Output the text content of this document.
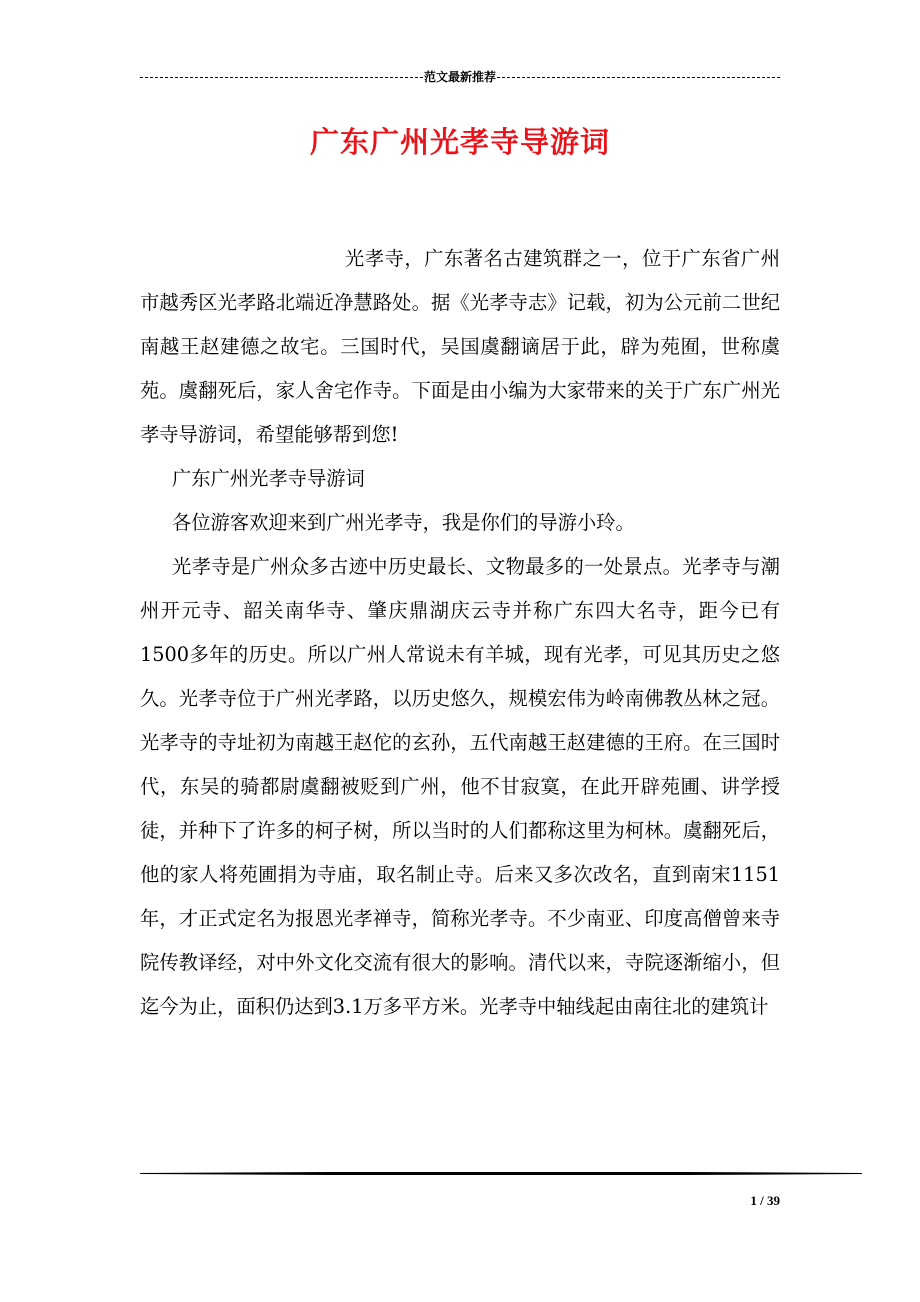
范文最新推荐
广东广州光孝寺导游词

光孝寺，广东著名古建筑群之一，位于广东省广州市越秀区光孝路北端近净慧路处。据《光孝寺志》记载，初为公元前二世纪南越王赵建德之故宅。三国时代，吴国虞翻谪居于此，辟为苑囿，世称虞苑。虞翻死后，家人舍宅作寺。下面是由小编为大家带来的关于广东广州光孝寺导游词，希望能够帮到您!

广东广州光孝寺导游词

各位游客欢迎来到广州光孝寺，我是你们的导游小玲。

光孝寺是广州众多古迹中历史最长、文物最多的一处景点。光孝寺与潮州开元寺、韶关南华寺、肇庆鼎湖庆云寺并称广东四大名寺，距今已有1500多年的历史。所以广州人常说未有羊城，现有光孝，可见其历史之悠久。光孝寺位于广州光孝路，以历史悠久，规模宏伟为岭南佛教丛林之冠。光孝寺的寺址初为南越王赵佗的玄孙，五代南越王赵建德的王府。在三国时代，东吴的骑都尉虞翻被贬到广州，他不甘寂寞，在此开辟苑圃、讲学授徒，并种下了许多的柯子树，所以当时的人们都称这里为柯林。虞翻死后，他的家人将苑圃捐为寺庙，取名制止寺。后来又多次改名，直到南宋1151年，才正式定名为报恩光孝禅寺，简称光孝寺。不少南亚、印度高僧曾来寺院传教译经，对中外文化交流有很大的影响。清代以来，寺院逐渐缩小，但迄今为止，面积仍达到3.1万多平方米。光孝寺中轴线起由南往北的建筑计

1 / 39
